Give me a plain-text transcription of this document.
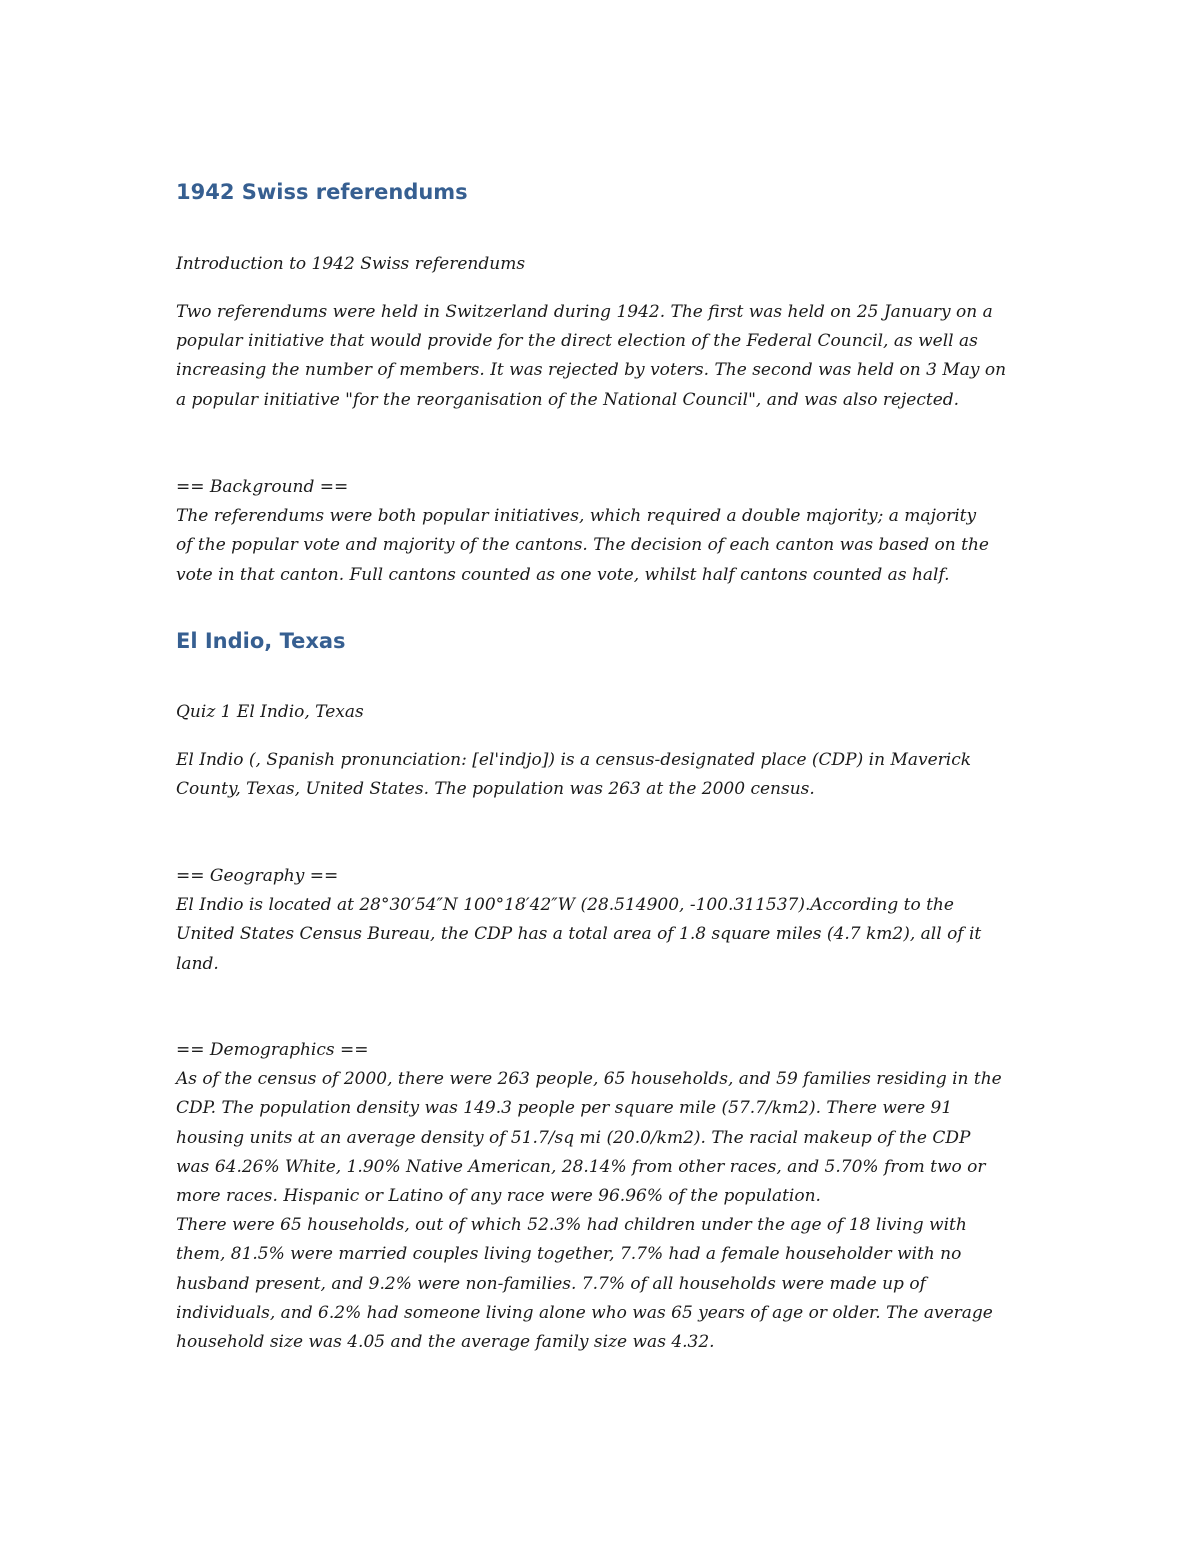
1942 Swiss referendums

Introduction to 1942 Swiss referendums

Two referendums were held in Switzerland during 1942. The first was held on 25 January on a
popular initiative that would provide for the direct election of the Federal Council, as well as
increasing the number of members. It was rejected by voters. The second was held on 3 May on
a popular initiative "for the reorganisation of the National Council", and was also rejected.

== Background ==
The referendums were both popular initiatives, which required a double majority; a majority
of the popular vote and majority of the cantons. The decision of each canton was based on the
vote in that canton. Full cantons counted as one vote, whilst half cantons counted as half.

El Indio, Texas

Quiz 1 El Indio, Texas

El Indio (, Spanish pronunciation: [el'indjo]) is a census-designated place (CDP) in Maverick
County, Texas, United States. The population was 263 at the 2000 census.

== Geography ==
El Indio is located at 28°30′54″N 100°18′42″W (28.514900, -100.311537).According to the
United States Census Bureau, the CDP has a total area of 1.8 square miles (4.7 km2), all of it
land.

== Demographics ==
As of the census of 2000, there were 263 people, 65 households, and 59 families residing in the
CDP. The population density was 149.3 people per square mile (57.7/km2). There were 91
housing units at an average density of 51.7/sq mi (20.0/km2). The racial makeup of the CDP
was 64.26% White, 1.90% Native American, 28.14% from other races, and 5.70% from two or
more races. Hispanic or Latino of any race were 96.96% of the population.
There were 65 households, out of which 52.3% had children under the age of 18 living with
them, 81.5% were married couples living together, 7.7% had a female householder with no
husband present, and 9.2% were non-families. 7.7% of all households were made up of
individuals, and 6.2% had someone living alone who was 65 years of age or older. The average
household size was 4.05 and the average family size was 4.32.
